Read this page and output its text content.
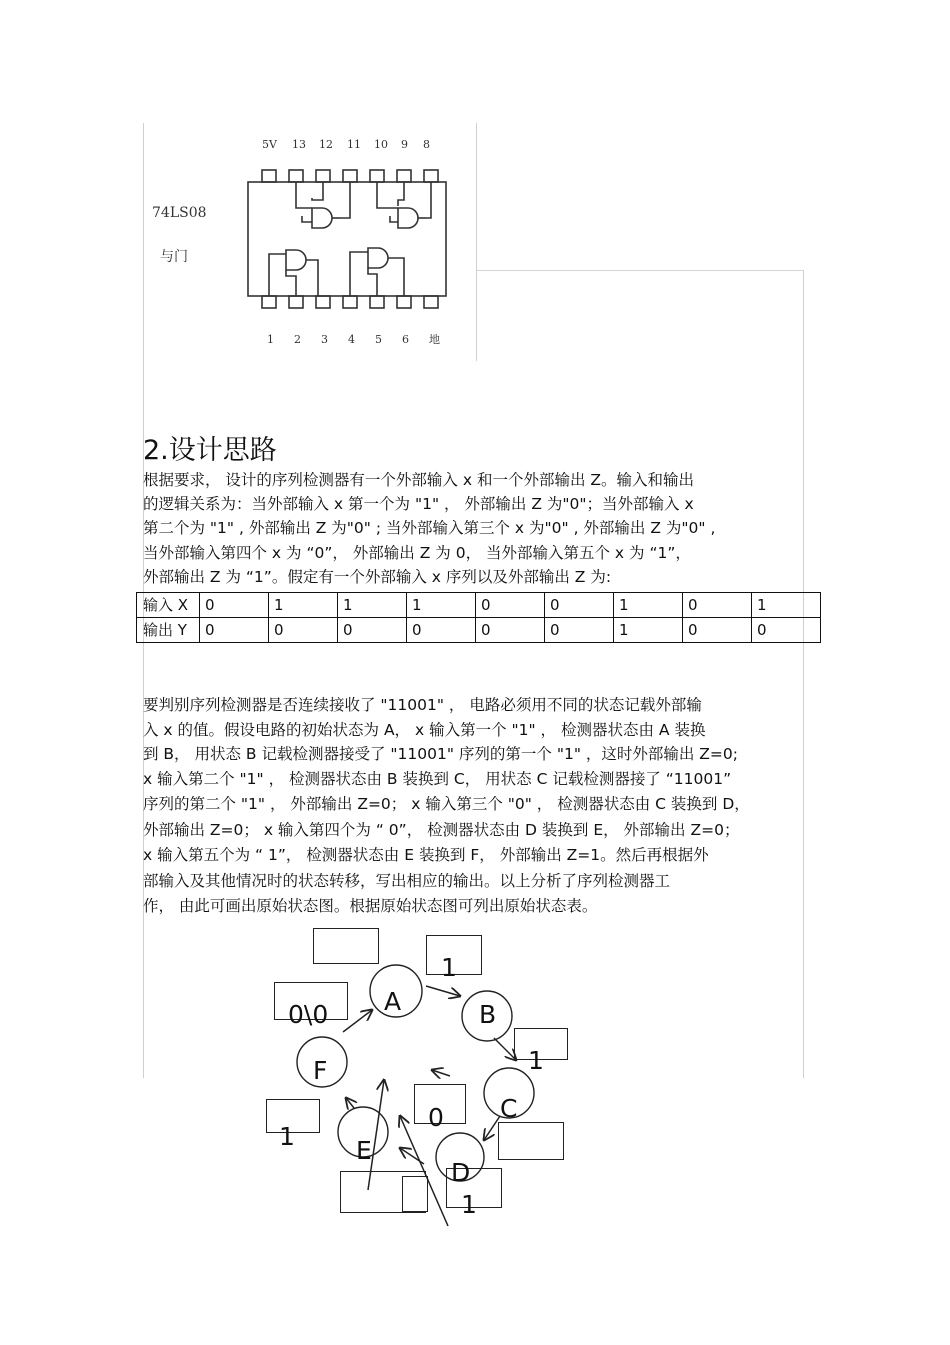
74LS08
与门
5V 13 12 11 10 9 8
1 2 3 4 5 6 地
2.设计思路
根据要求， 设计的序列检测器有一个外部输入 x 和一个外部输出 Z。输入和输出
的逻辑关系为：当外部输入 x 第一个为 "1" ， 外部输出 Z 为"0"；当外部输入 x
第二个为 "1" , 外部输出 Z 为"0" ; 当外部输入第三个 x 为"0" , 外部输出 Z 为"0" ,
当外部输入第四个 x 为 “0”， 外部输出 Z 为 0， 当外部输入第五个 x 为 “1”，
外部输出 Z 为 “1”。假定有一个外部输入 x 序列以及外部输出 Z 为:
输入 X	0	1	1	1	0	0	1	0	1
输出 Y	0	0	0	0	0	0	1	0	0
要判别序列检测器是否连续接收了 "11001" ， 电路必须用不同的状态记载外部输
入 x 的值。假设电路的初始状态为 A， x 输入第一个 "1" ， 检测器状态由 A 装换
到 B， 用状态 B 记载检测器接受了 "11001" 序列的第一个 "1" ，这时外部输出 Z=0;
x 输入第二个 "1" ， 检测器状态由 B 装换到 C， 用状态 C 记载检测器接了 “11001”
序列的第二个 "1" ， 外部输出 Z=0； x 输入第三个 "0" ， 检测器状态由 C 装换到 D，
外部输出 Z=0； x 输入第四个为 “ 0”， 检测器状态由 D 装换到 E， 外部输出 Z=0；
x 输入第五个为 “ 1”， 检测器状态由 E 装换到 F， 外部输出 Z=1。然后再根据外
部输入及其他情况时的状态转移，写出相应的输出。以上分析了序列检测器工
作， 由此可画出原始状态图。根据原始状态图可列出原始状态表。
A	B
C
D
E
F
1
0\0
1
0
1
1
